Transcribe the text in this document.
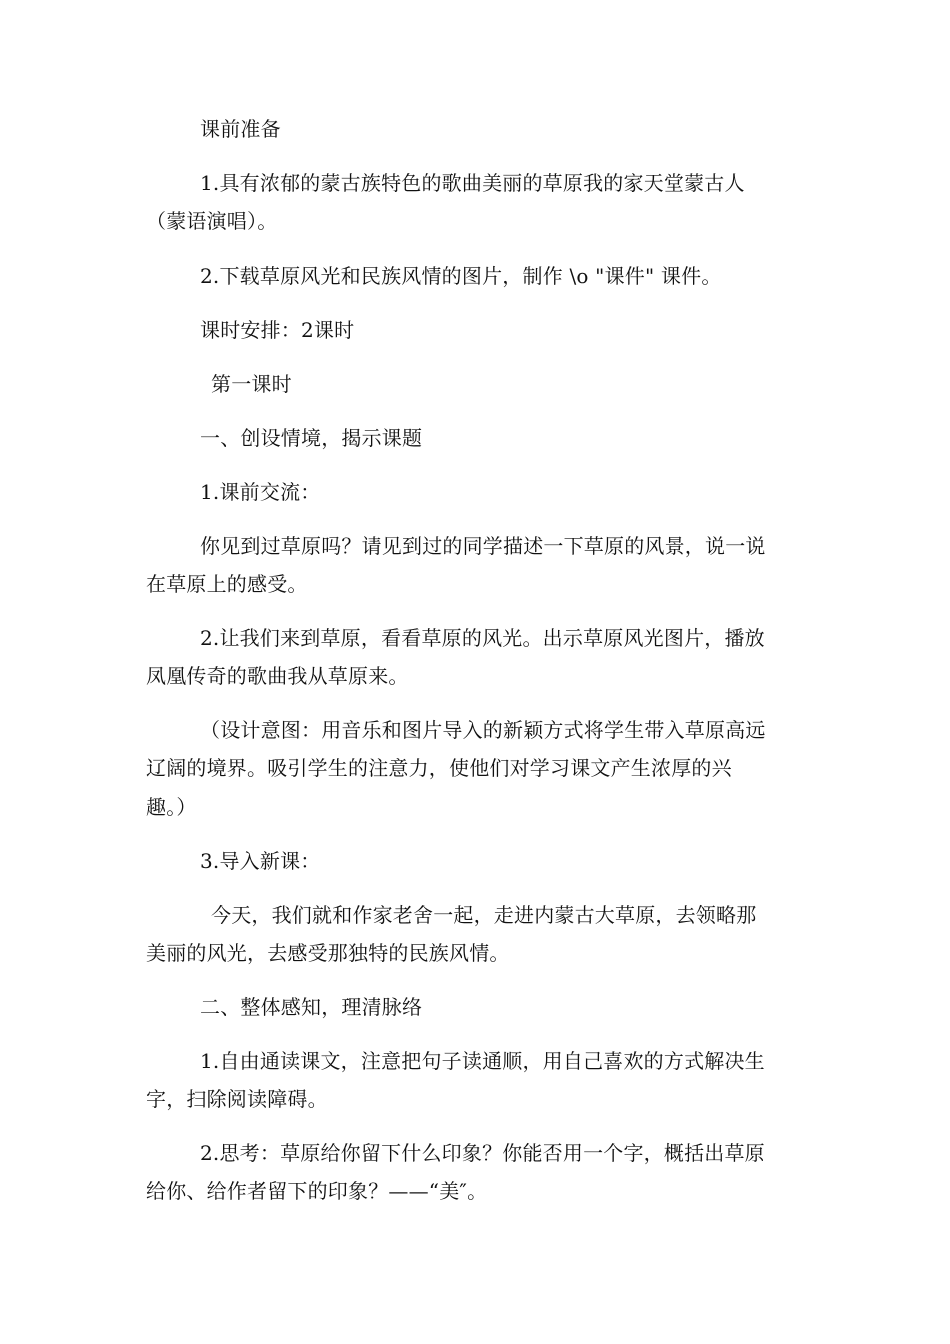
课前准备
1.具有浓郁的蒙古族特色的歌曲美丽的草原我的家天堂蒙古人
（蒙语演唱）。
2.下载草原风光和民族风情的图片，制作 \o "课件" 课件。
课时安排：2课时
第一课时
一、创设情境，揭示课题
1.课前交流：
你见到过草原吗？请见到过的同学描述一下草原的风景，说一说
在草原上的感受。
2.让我们来到草原，看看草原的风光。出示草原风光图片，播放
凤凰传奇的歌曲我从草原来。
（设计意图：用音乐和图片导入的新颖方式将学生带入草原高远
辽阔的境界。吸引学生的注意力，使他们对学习课文产生浓厚的兴
趣。）
3.导入新课：
今天，我们就和作家老舍一起，走进内蒙古大草原，去领略那
美丽的风光，去感受那独特的民族风情。
二、整体感知，理清脉络
1.自由通读课文，注意把句子读通顺，用自己喜欢的方式解决生
字，扫除阅读障碍。
2.思考：草原给你留下什么印象？你能否用一个字，概括出草原
给你、给作者留下的印象？——“美″。
